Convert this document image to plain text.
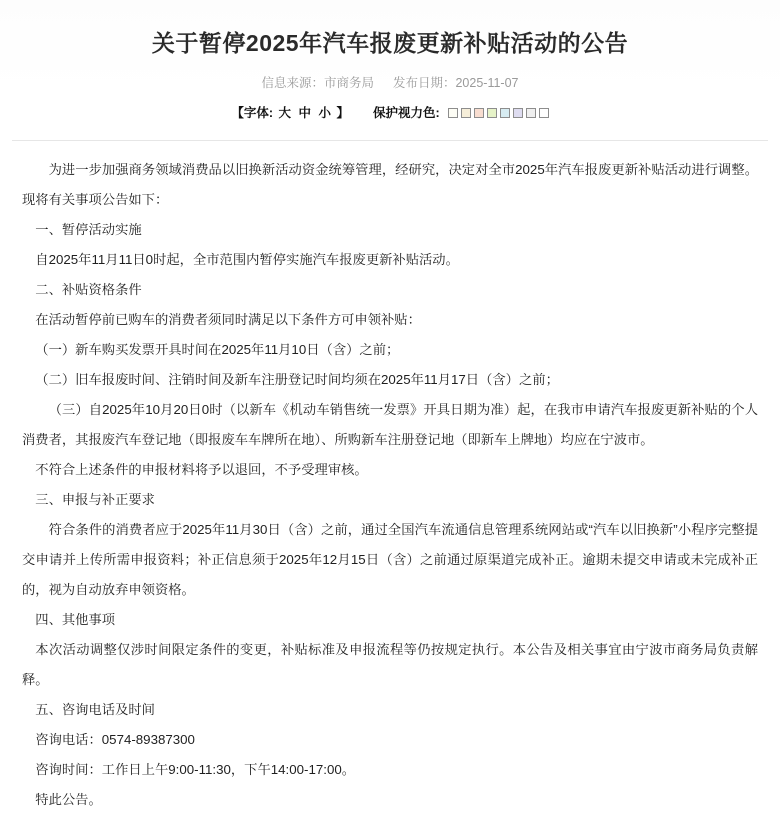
关于暂停2025年汽车报废更新补贴活动的公告
信息来源：市商务局 发布日期：2025-11-07
【字体: 大 中 小 】 保护视力色:

为进一步加强商务领域消费品以旧换新活动资金统筹管理，经研究，决定对全市2025年汽车报废更新补贴活动进行调整。现将有关事项公告如下：

一、暂停活动实施

自2025年11月11日0时起，全市范围内暂停实施汽车报废更新补贴活动。

二、补贴资格条件

在活动暂停前已购车的消费者须同时满足以下条件方可申领补贴：

（一）新车购买发票开具时间在2025年11月10日（含）之前；

（二）旧车报废时间、注销时间及新车注册登记时间均须在2025年11月17日（含）之前；

（三）自2025年10月20日0时（以新车《机动车销售统一发票》开具日期为准）起，在我市申请汽车报废更新补贴的个人消费者，其报废汽车登记地（即报废车车牌所在地）、所购新车注册登记地（即新车上牌地）均应在宁波市。

不符合上述条件的申报材料将予以退回，不予受理审核。

三、申报与补正要求

符合条件的消费者应于2025年11月30日（含）之前，通过全国汽车流通信息管理系统网站或“汽车以旧换新”小程序完整提交申请并上传所需申报资料；补正信息须于2025年12月15日（含）之前通过原渠道完成补正。逾期未提交申请或未完成补正的，视为自动放弃申领资格。

四、其他事项

本次活动调整仅涉时间限定条件的变更，补贴标准及申报流程等仍按规定执行。本公告及相关事宜由宁波市商务局负责解释。

五、咨询电话及时间

咨询电话：0574-89387300

咨询时间：工作日上午9:00-11:30，下午14:00-17:00。

特此公告。
